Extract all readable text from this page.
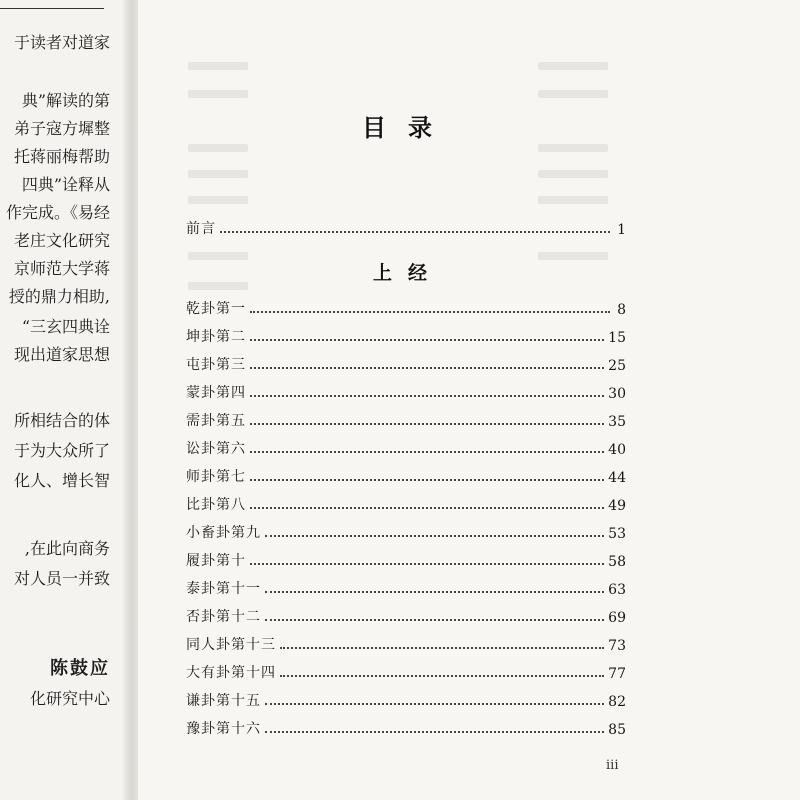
于读者对道家
典”解读的第
弟子寇方墀整
托蒋丽梅帮助
四典”诠释从
作完成。《易经
老庄文化研究
京师范大学蒋
授的鼎力相助,
“三玄四典诠
现出道家思想
所相结合的体
于为大众所了
化人、增长智
,在此向商务
对人员一并致
陈鼓应
化研究中心
目录
前言	1
上经
乾卦第一	8
坤卦第二	15
屯卦第三	25
蒙卦第四	30
需卦第五	35
讼卦第六	40
师卦第七	44
比卦第八	49
小畜卦第九	53
履卦第十	58
泰卦第十一	63
否卦第十二	69
同人卦第十三	73
大有卦第十四	77
谦卦第十五	82
豫卦第十六	85
iii
